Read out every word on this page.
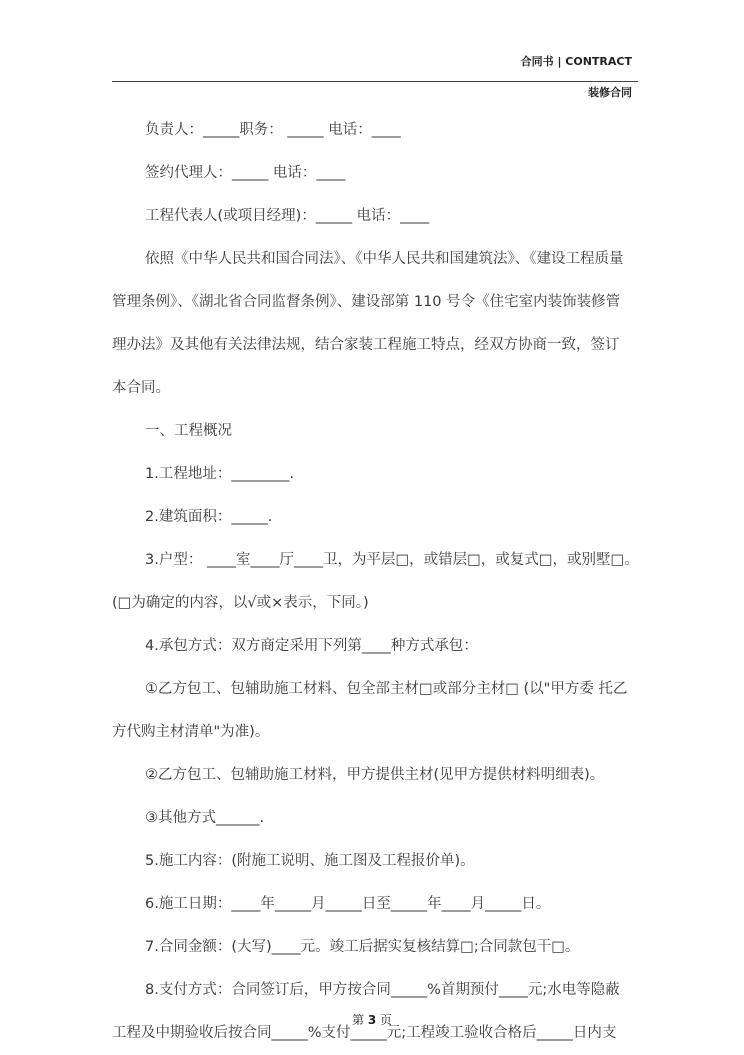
合同书 | CONTRACT
装修合同
负责人：_____职务： _____ 电话：____
签约代理人：_____ 电话：____
工程代表人(或项目经理)：_____ 电话：____
依照《中华人民共和国合同法》、《中华人民共和国建筑法》、《建设工程质量
管理条例》、《湖北省合同监督条例》、建设部第 110 号令《住宅室内装饰装修管
理办法》及其他有关法律法规，结合家装工程施工特点，经双方协商一致，签订
本合同。
一、工程概况
1.工程地址：________.
2.建筑面积：_____.
3.户型： ____室____厅____卫，为平层□，或错层□，或复式□，或别墅□。
(□为确定的内容，以√或×表示，下同。)
4.承包方式：双方商定采用下列第____种方式承包：
①乙方包工、包辅助施工材料、包全部主材□或部分主材□ (以"甲方委 托乙
方代购主材清单"为准)。
②乙方包工、包辅助施工材料，甲方提供主材(见甲方提供材料明细表)。
③其他方式______.
5.施工内容：(附施工说明、施工图及工程报价单)。
6.施工日期：____年_____月_____日至_____年____月_____日。
7.合同金额：(大写)____元。竣工后据实复核结算□;合同款包干□。
8.支付方式：合同签订后，甲方按合同_____%首期预付____元;水电等隐蔽
工程及中期验收后按合同_____%支付_____元;工程竣工验收合格后_____日内支
第 3 页
